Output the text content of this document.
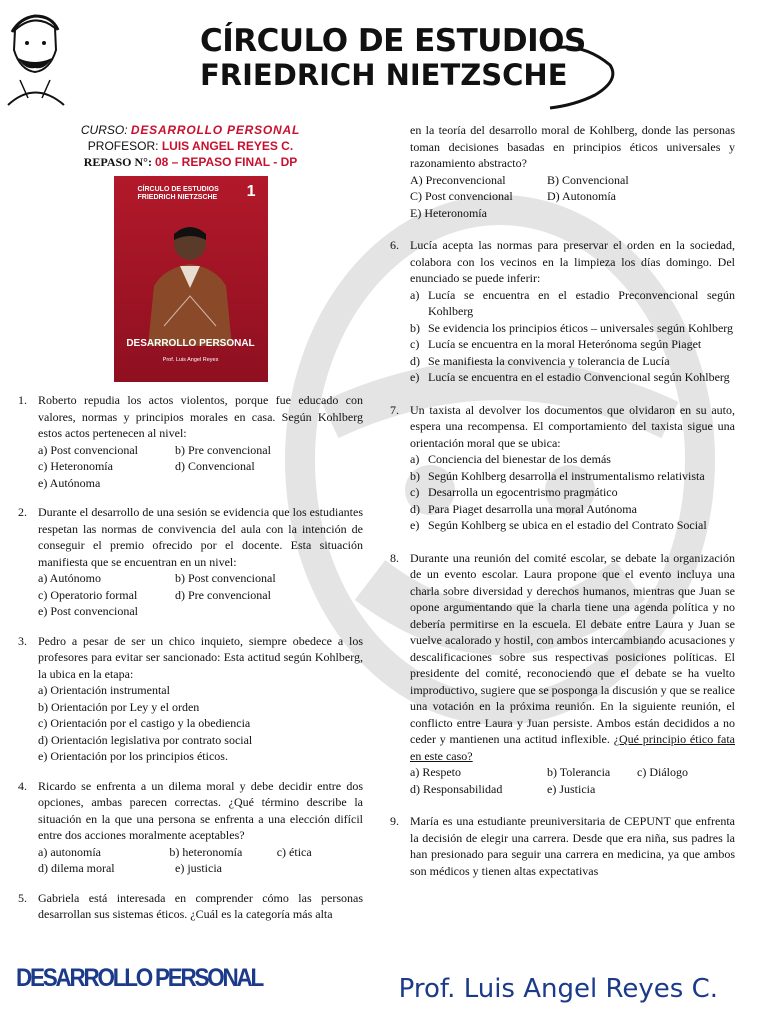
CÍRCULO DE ESTUDIOS
FRIEDRICH NIETZSCHE
CURSO: DESARROLLO PERSONAL
PROFESOR: LUIS ANGEL REYES C.
REPASO N°: 08 – REPASO FINAL - DP
CÍRCULO DE ESTUDIOS
FRIEDRICH NIETZSCHE 1
DESARROLLO PERSONAL
Prof. Luis Angel Reyes
1. Roberto repudia los actos violentos, porque fue educado con valores, normas y principios morales en casa. Según Kohlberg estos actos pertenecen al nivel:
a) Post convencional	b) Pre convencional
c) Heteronomía	d) Convencional
e) Autónoma
2. Durante el desarrollo de una sesión se evidencia que los estudiantes respetan las normas de convivencia del aula con la intención de conseguir el premio ofrecido por el docente. Esta situación manifiesta que se encuentran en un nivel:
a) Autónomo	b) Post convencional
c) Operatorio formal	d) Pre convencional
e) Post convencional
3. Pedro a pesar de ser un chico inquieto, siempre obedece a los profesores para evitar ser sancionado: Esta actitud según Kohlberg, la ubica en la etapa:
a) Orientación instrumental
b) Orientación por Ley y el orden
c) Orientación por el castigo y la obediencia
d) Orientación legislativa por contrato social
e) Orientación por los principios éticos.
4. Ricardo se enfrenta a un dilema moral y debe decidir entre dos opciones, ambas parecen correctas. ¿Qué término describe la situación en la que una persona se enfrenta a una elección difícil entre dos acciones moralmente aceptables?
a) autonomía	b) heteronomía	c) ética
d) dilema moral	e) justicia
5. Gabriela está interesada en comprender cómo las personas desarrollan sus sistemas éticos. ¿Cuál es la categoría más alta
en la teoría del desarrollo moral de Kohlberg, donde las personas toman decisiones basadas en principios éticos universales y razonamiento abstracto?
A) Preconvencional	B) Convencional
C) Post convencional	D) Autonomía
E) Heteronomía
6. Lucía acepta las normas para preservar el orden en la sociedad, colabora con los vecinos en la limpieza los días domingo. Del enunciado se puede inferir:
a) Lucía se encuentra en el estadio Preconvencional según Kohlberg
b) Se evidencia los principios éticos – universales según Kohlberg
c) Lucía se encuentra en la moral Heterónoma según Piaget
d) Se manifiesta la convivencia y tolerancia de Lucía
e) Lucía se encuentra en el estadio Convencional según Kohlberg
7. Un taxista al devolver los documentos que olvidaron en su auto, espera una recompensa. El comportamiento del taxista sigue una orientación moral que se ubica:
a) Conciencia del bienestar de los demás
b) Según Kohlberg desarrolla el instrumentalismo relativista
c) Desarrolla un egocentrismo pragmático
d) Para Piaget desarrolla una moral Autónoma
e) Según Kohlberg se ubica en el estadio del Contrato Social
8. Durante una reunión del comité escolar, se debate la organización de un evento escolar. Laura propone que el evento incluya una charla sobre diversidad y derechos humanos, mientras que Juan se opone argumentando que la charla tiene una agenda política y no debería permitirse en la escuela. El debate entre Laura y Juan se vuelve acalorado y hostil, con ambos intercambiando acusaciones y descalificaciones sobre sus respectivas posiciones políticas. El presidente del comité, reconociendo que el debate se ha vuelto improductivo, sugiere que se posponga la discusión y que se realice una votación en la próxima reunión. En la siguiente reunión, el conflicto entre Laura y Juan persiste. Ambos están decididos a no ceder y mantienen una actitud inflexible. ¿Qué principio ético fata en este caso?
a) Respeto	b) Tolerancia	c) Diálogo
d) Responsabilidad	e) Justicia
9. María es una estudiante preuniversitaria de CEPUNT que enfrenta la decisión de elegir una carrera. Desde que era niña, sus padres la han presionado para seguir una carrera en medicina, ya que ambos son médicos y tienen altas expectativas
DESARROLLO PERSONAL	Prof. Luis Angel Reyes C.
